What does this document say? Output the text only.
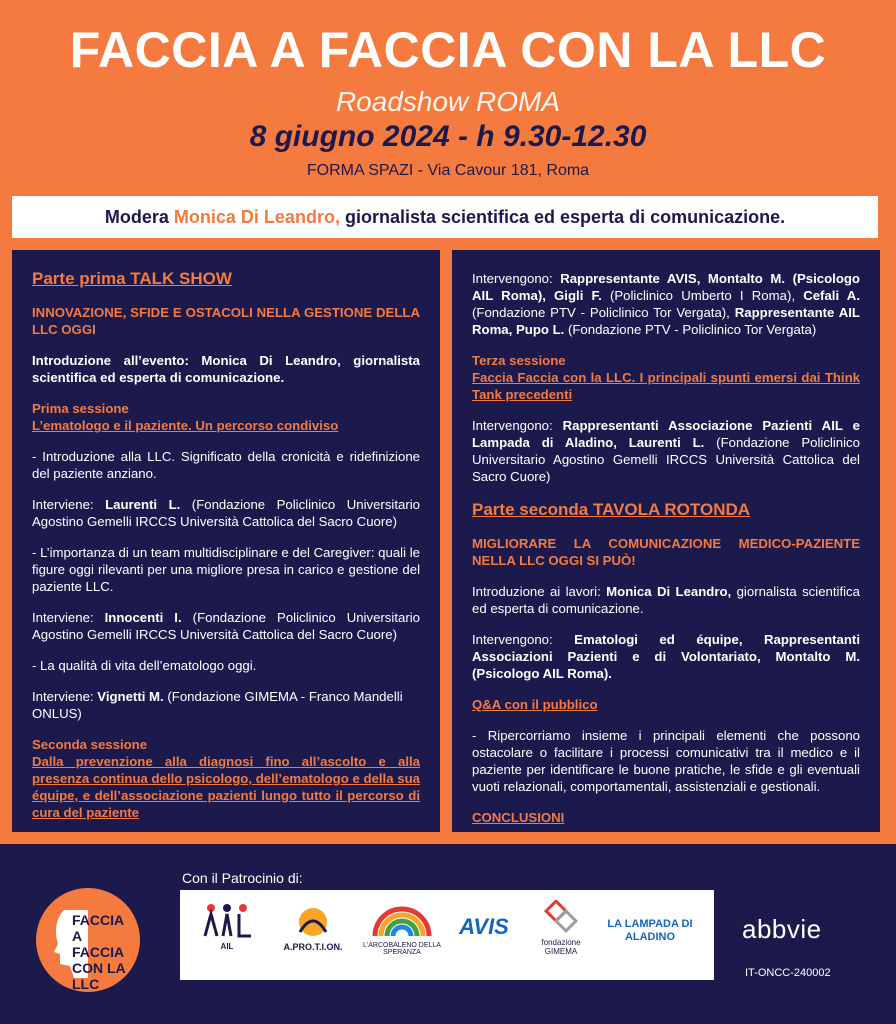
FACCIA A FACCIA CON LA LLC
Roadshow ROMA
8 giugno 2024 - h 9.30-12.30
FORMA SPAZI - Via Cavour 181, Roma
Modera Monica Di Leandro, giornalista scientifica ed esperta di comunicazione.
Parte prima TALK SHOW

INNOVAZIONE, SFIDE E OSTACOLI NELLA GESTIONE DELLA LLC OGGI

Introduzione all’evento: Monica Di Leandro, giornalista scientifica ed esperta di comunicazione.

Prima sessione
L’ematologo e il paziente. Un percorso condiviso

- Introduzione alla LLC. Significato della cronicità e ridefinizione del paziente anziano.

Interviene: Laurenti L. (Fondazione Policlinico Universitario Agostino Gemelli IRCCS Università Cattolica del Sacro Cuore)

- L’importanza di un team multidisciplinare e del Caregiver: quali le figure oggi rilevanti per una migliore presa in carico e gestione del paziente LLC.

Interviene: Innocenti I. (Fondazione Policlinico Universitario Agostino Gemelli IRCCS Università Cattolica del Sacro Cuore)

- La qualità di vita dell’ematologo oggi.

Interviene: Vignetti M. (Fondazione GIMEMA - Franco Mandelli ONLUS)

Seconda sessione
Dalla prevenzione alla diagnosi fino all’ascolto e alla presenza continua dello psicologo, dell’ematologo e della sua équipe, e dell’associazione pazienti lungo tutto il percorso di cura del paziente

Intervengono: Rappresentante AVIS, Montalto M. (Psicologo AIL Roma), Gigli F. (Policlinico Umberto I Roma), Cefali A. (Fondazione PTV - Policlinico Tor Vergata), Rappresentante AIL Roma, Pupo L. (Fondazione PTV - Policlinico Tor Vergata)

Terza sessione
Faccia Faccia con la LLC. I principali spunti emersi dai Think Tank precedenti

Intervengono: Rappresentanti Associazione Pazienti AIL e Lampada di Aladino, Laurenti L. (Fondazione Policlinico Universitario Agostino Gemelli IRCCS Università Cattolica del Sacro Cuore)

Parte seconda TAVOLA ROTONDA

MIGLIORARE LA COMUNICAZIONE MEDICO-PAZIENTE NELLA LLC OGGI SI PUÒ!

Introduzione ai lavori: Monica Di Leandro, giornalista scientifica ed esperta di comunicazione.

Intervengono: Ematologi ed équipe, Rappresentanti Associazioni Pazienti e di Volontariato, Montalto M. (Psicologo AIL Roma).

Q&A con il pubblico

- Ripercorriamo insieme i principali elementi che possono ostacolare o facilitare i processi comunicativi tra il medico e il paziente per identificare le buone pratiche, le sfide e gli eventuali vuoti relazionali, comportamentali, assistenziali e gestionali.

CONCLUSIONI

FACCIA A FACCIA CON LA LLC
Con il Patrocinio di:
AIL	A.PRO.T.I.ON.	L'ARCOBALENO DELLA SPERANZA
AVIS
fondazione GIMEMA
LA LAMPADA DI ALADINO	abbvie
IT-ONCC-240002
